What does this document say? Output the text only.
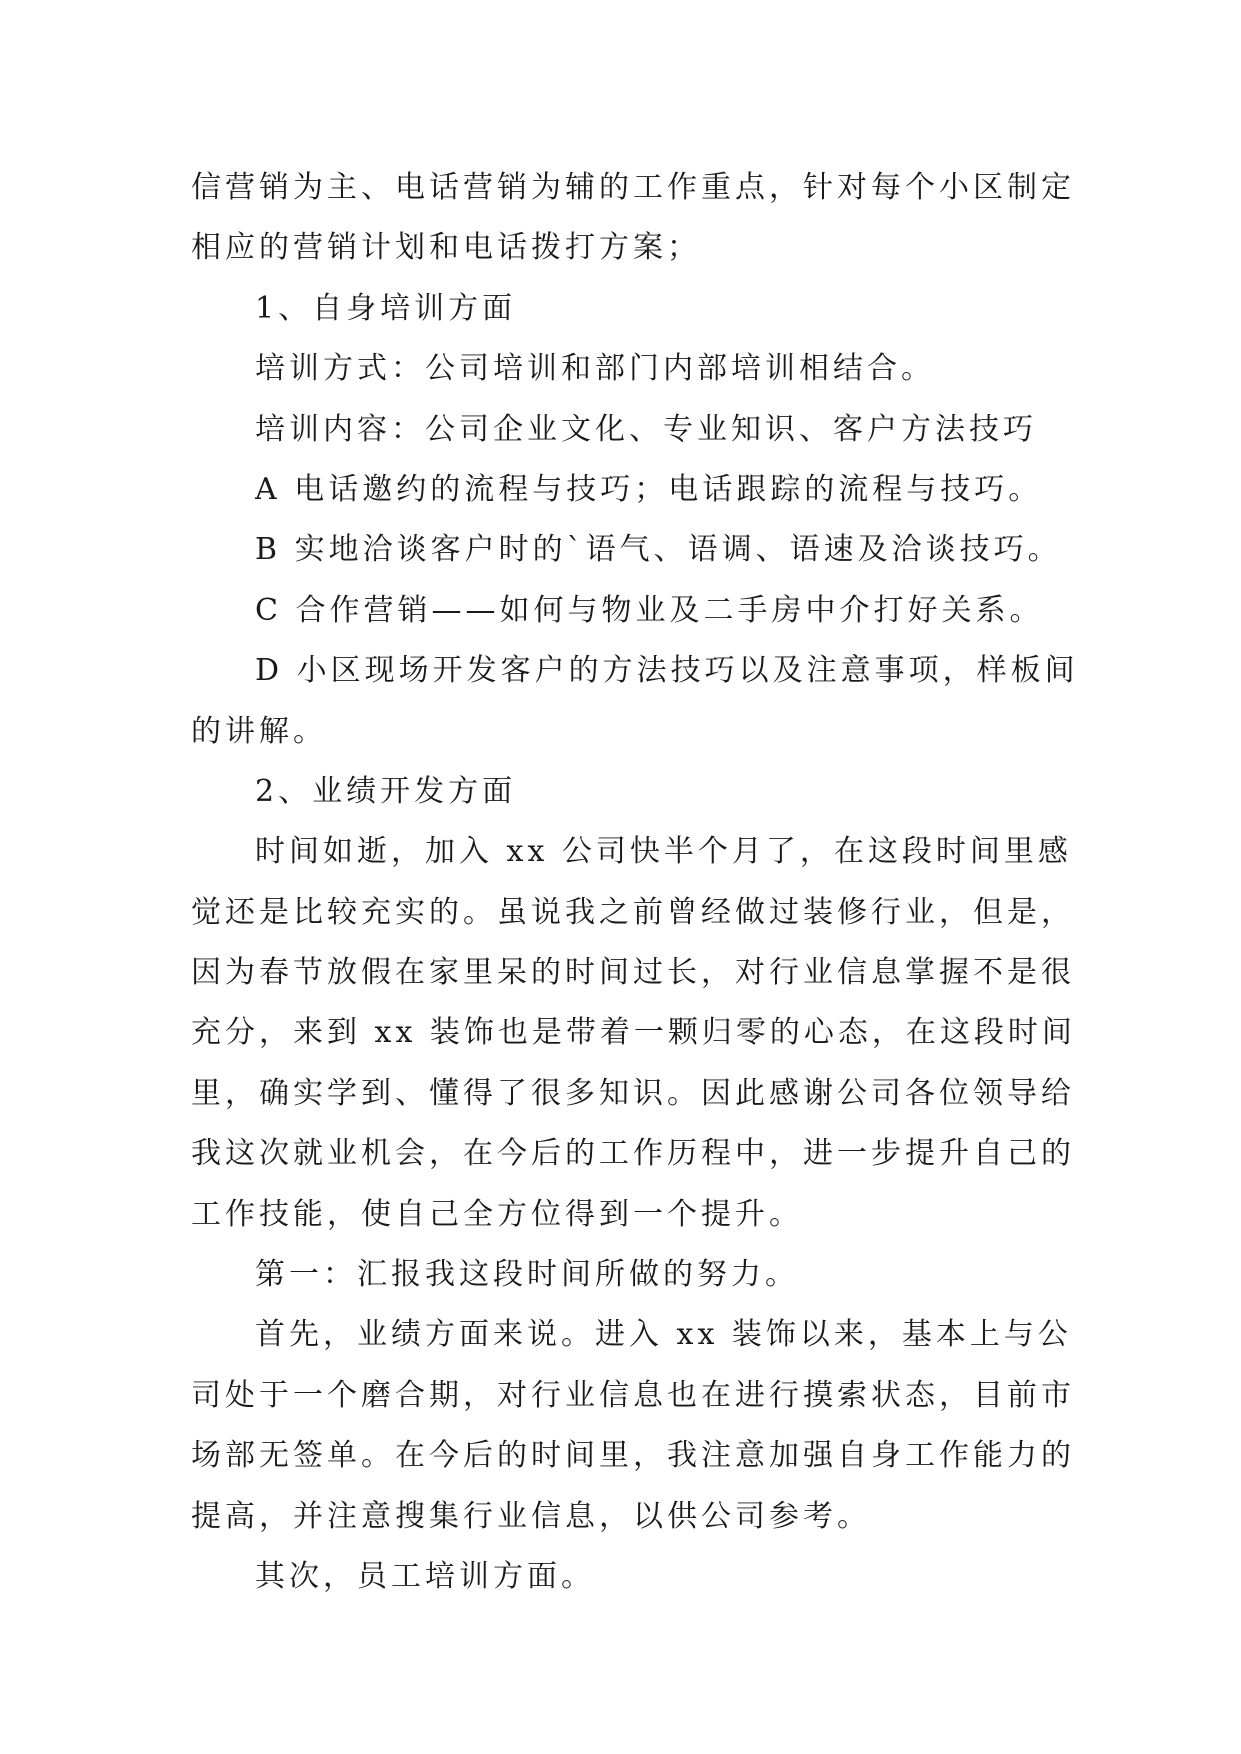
信营销为主、电话营销为辅的工作重点，针对每个小区制定
相应的营销计划和电话拨打方案；
1、自身培训方面
培训方式：公司培训和部门内部培训相结合。
培训内容：公司企业文化、专业知识、客户方法技巧
A 电话邀约的流程与技巧；电话跟踪的流程与技巧。
B 实地洽谈客户时的`语气、语调、语速及洽谈技巧。
C 合作营销——如何与物业及二手房中介打好关系。
D 小区现场开发客户的方法技巧以及注意事项，样板间
的讲解。
2、业绩开发方面
时间如逝，加入 xx 公司快半个月了，在这段时间里感
觉还是比较充实的。虽说我之前曾经做过装修行业，但是，
因为春节放假在家里呆的时间过长，对行业信息掌握不是很
充分，来到 xx 装饰也是带着一颗归零的心态，在这段时间
里，确实学到、懂得了很多知识。因此感谢公司各位领导给
我这次就业机会，在今后的工作历程中，进一步提升自己的
工作技能，使自己全方位得到一个提升。
第一：汇报我这段时间所做的努力。
首先，业绩方面来说。进入 xx 装饰以来，基本上与公
司处于一个磨合期，对行业信息也在进行摸索状态，目前市
场部无签单。在今后的时间里，我注意加强自身工作能力的
提高，并注意搜集行业信息，以供公司参考。
其次，员工培训方面。
